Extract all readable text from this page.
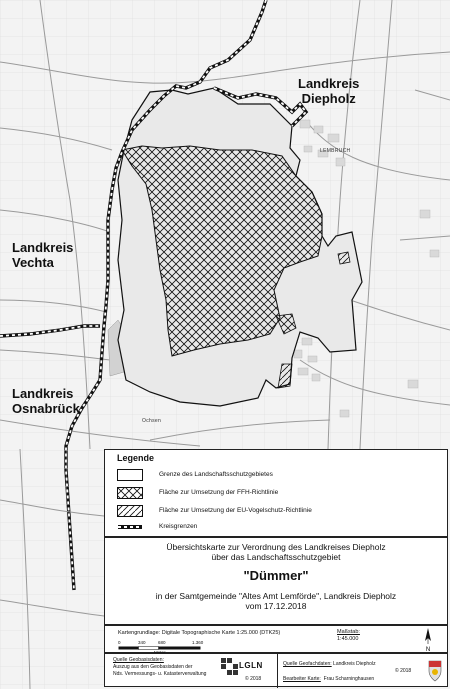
Landkreis
Diepholz
Landkreis
Vechta
Landkreis
Osnabrück
LEMBRUCH
Ochsen
Legende
Grenze des Landschaftsschutzgebietes
Fläche zur Umsetzung der FFH-Richtlinie
Fläche zur Umsetzung der EU-Vogelschutz-Richtlinie
Kreisgrenzen
Übersichtskarte zur Verordnung des Landkreises Diepholz
über das Landschaftsschutzgebiet
"Dümmer"
in der Samtgemeinde "Altes Amt Lemförde", Landkreis Diepholz
vom 17.12.2018
Kartengrundlage: Digitale Topographische Karte 1:25.000 (DTK25)
0	340	680	1.360
Maßstab:
1:45.000
N
Quelle Geobasisdaten:
Auszug aus den Geobasisdaten der
Nds. Vermessungs- u. Katasterverwaltung
LGLN
© 2018
Quelle Geofachdaten: Landkreis Diepholz
© 2018
Bearbeiter Karte: Frau Scharninghausen
